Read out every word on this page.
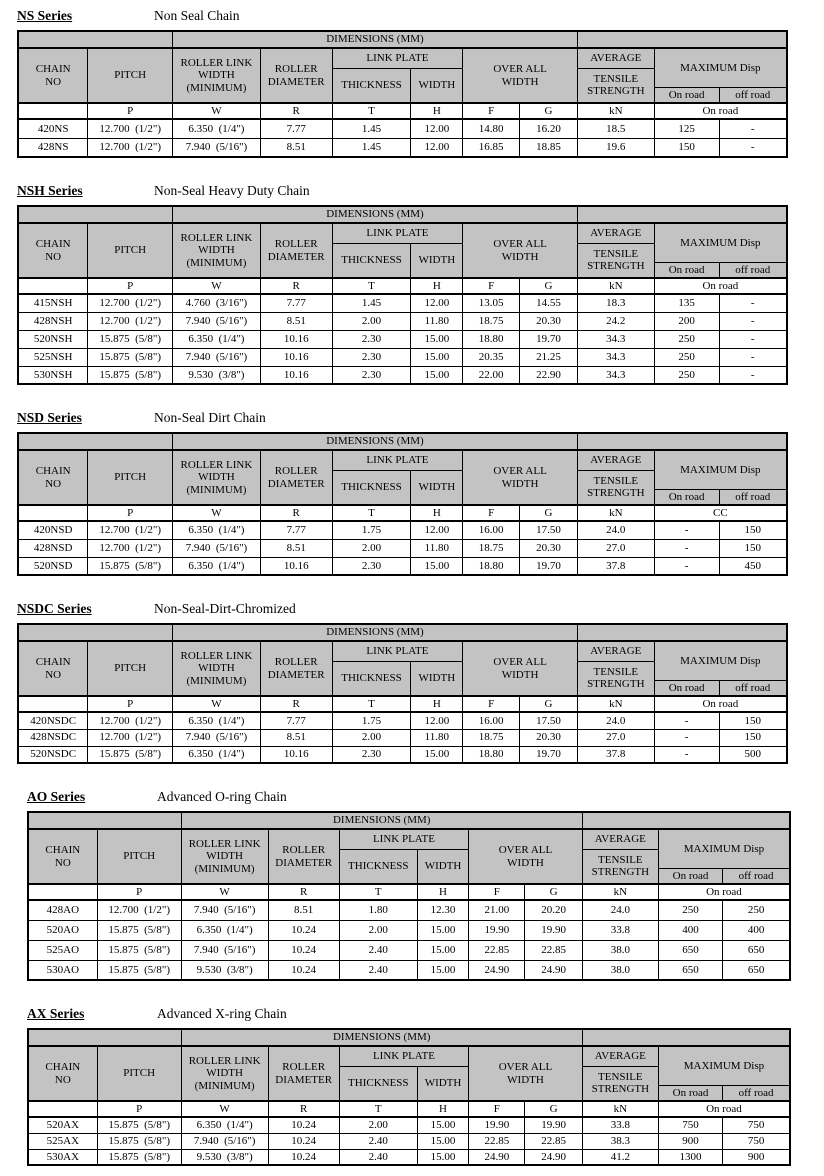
NS Series	Non Seal Chain
		DIMENSIONS (MM)								

CHAIN
NO	PITCH	ROLLER LINK
WIDTH
(MINIMUM)	ROLLER
DIAMETER	LINK PLATE		OVER ALL
WIDTH		AVERAGE	MAXIMUM Disp	
				THICKNESS	WIDTH			TENSILE
STRENGTH		

									On road	off road
	P	W	R	T	H	F	G	kN	On road	
420NS	12.700  (1/2")	6.350  (1/4")	7.77	1.45	12.00	14.80	16.20	18.5	125	-
428NS	12.700  (1/2")	7.940  (5/16")	8.51	1.45	12.00	16.85	18.85	19.6	150	-
NSH Series	Non-Seal Heavy Duty Chain
		DIMENSIONS (MM)								

CHAIN
NO	PITCH	ROLLER LINK
WIDTH
(MINIMUM)	ROLLER
DIAMETER	LINK PLATE		OVER ALL
WIDTH		AVERAGE	MAXIMUM Disp	
				THICKNESS	WIDTH			TENSILE
STRENGTH		

									On road	off road
	P	W	R	T	H	F	G	kN	On road	
415NSH	12.700  (1/2")	4.760  (3/16")	7.77	1.45	12.00	13.05	14.55	18.3	135	-
428NSH	12.700  (1/2")	7.940  (5/16")	8.51	2.00	11.80	18.75	20.30	24.2	200	-
520NSH	15.875  (5/8")	6.350  (1/4")	10.16	2.30	15.00	18.80	19.70	34.3	250	-
525NSH	15.875  (5/8")	7.940  (5/16")	10.16	2.30	15.00	20.35	21.25	34.3	250	-
530NSH	15.875  (5/8")	9.530  (3/8")	10.16	2.30	15.00	22.00	22.90	34.3	250	-
NSD Series	Non-Seal Dirt Chain
		DIMENSIONS (MM)								

CHAIN
NO	PITCH	ROLLER LINK
WIDTH
(MINIMUM)	ROLLER
DIAMETER	LINK PLATE		OVER ALL
WIDTH		AVERAGE	MAXIMUM Disp	
				THICKNESS	WIDTH			TENSILE
STRENGTH		

									On road	off road
	P	W	R	T	H	F	G	kN	CC	
420NSD	12.700  (1/2")	6.350  (1/4")	7.77	1.75	12.00	16.00	17.50	24.0	-	150
428NSD	12.700  (1/2")	7.940  (5/16")	8.51	2.00	11.80	18.75	20.30	27.0	-	150
520NSD	15.875  (5/8")	6.350  (1/4")	10.16	2.30	15.00	18.80	19.70	37.8	-	450
NSDC Series	Non-Seal-Dirt-Chromized
		DIMENSIONS (MM)								

CHAIN
NO	PITCH	ROLLER LINK
WIDTH
(MINIMUM)	ROLLER
DIAMETER	LINK PLATE		OVER ALL
WIDTH		AVERAGE	MAXIMUM Disp	
				THICKNESS	WIDTH			TENSILE
STRENGTH		

									On road	off road
	P	W	R	T	H	F	G	kN	On road	
420NSDC	12.700  (1/2")	6.350  (1/4")	7.77	1.75	12.00	16.00	17.50	24.0	-	150
428NSDC	12.700  (1/2")	7.940  (5/16")	8.51	2.00	11.80	18.75	20.30	27.0	-	150
520NSDC	15.875  (5/8")	6.350  (1/4")	10.16	2.30	15.00	18.80	19.70	37.8	-	500
AO Series	Advanced O-ring Chain
		DIMENSIONS (MM)								

CHAIN
NO	PITCH	ROLLER LINK
WIDTH
(MINIMUM)	ROLLER
DIAMETER	LINK PLATE		OVER ALL
WIDTH		AVERAGE	MAXIMUM Disp	
				THICKNESS	WIDTH			TENSILE
STRENGTH		

									On road	off road
	P	W	R	T	H	F	G	kN	On road	
428AO	12.700  (1/2")	7.940  (5/16")	8.51	1.80	12.30	21.00	20.20	24.0	250	250
520AO	15.875  (5/8")	6.350  (1/4")	10.24	2.00	15.00	19.90	19.90	33.8	400	400
525AO	15.875  (5/8")	7.940  (5/16")	10.24	2.40	15.00	22.85	22.85	38.0	650	650
530AO	15.875  (5/8")	9.530  (3/8")	10.24	2.40	15.00	24.90	24.90	38.0	650	650
AX Series	Advanced X-ring Chain
		DIMENSIONS (MM)								

CHAIN
NO	PITCH	ROLLER LINK
WIDTH
(MINIMUM)	ROLLER
DIAMETER	LINK PLATE		OVER ALL
WIDTH		AVERAGE	MAXIMUM Disp	
				THICKNESS	WIDTH			TENSILE
STRENGTH		

									On road	off road
	P	W	R	T	H	F	G	kN	On road	
520AX	15.875  (5/8")	6.350  (1/4")	10.24	2.00	15.00	19.90	19.90	33.8	750	750
525AX	15.875  (5/8")	7.940  (5/16")	10.24	2.40	15.00	22.85	22.85	38.3	900	750
530AX	15.875  (5/8")	9.530  (3/8")	10.24	2.40	15.00	24.90	24.90	41.2	1300	900
